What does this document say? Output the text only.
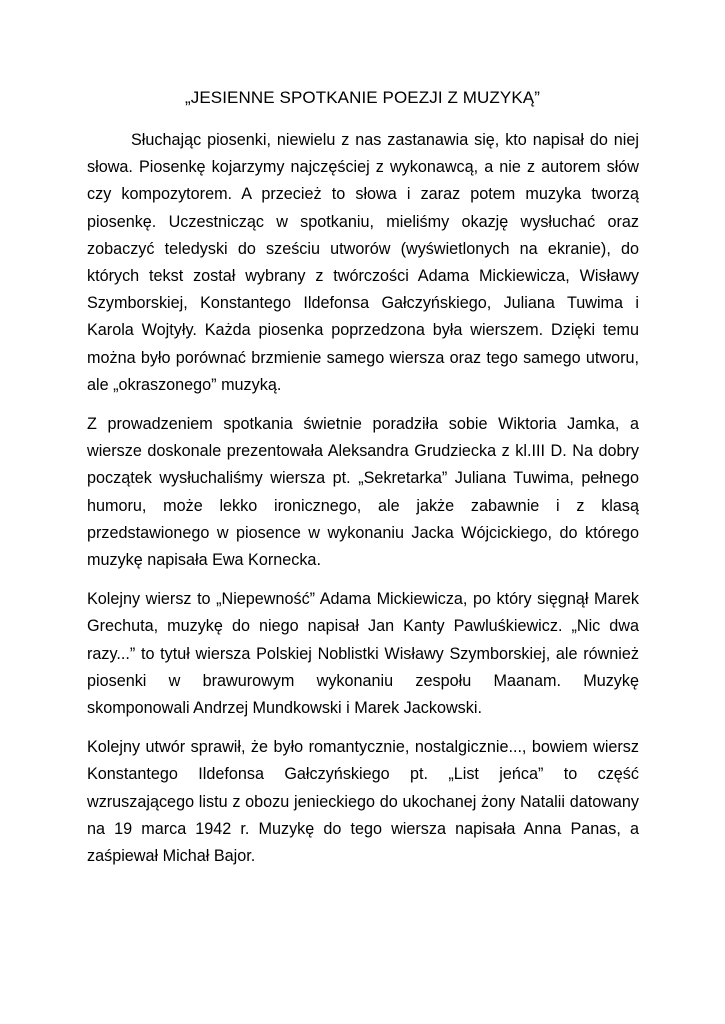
„JESIENNE SPOTKANIE POEZJI Z MUZYKĄ”

Słuchając piosenki, niewielu z nas zastanawia się, kto napisał do niej słowa. Piosenkę kojarzymy najczęściej z wykonawcą, a nie z autorem słów czy kompozytorem. A przecież to słowa i zaraz potem muzyka tworzą piosenkę. Uczestnicząc w spotkaniu, mieliśmy okazję wysłuchać oraz zobaczyć teledyski do sześciu utworów (wyświetlonych na ekranie), do których tekst został wybrany z twórczości Adama Mickiewicza, Wisławy Szymborskiej, Konstantego Ildefonsa Gałczyńskiego, Juliana Tuwima i Karola Wojtyły. Każda piosenka poprzedzona była wierszem. Dzięki temu można było porównać brzmienie samego wiersza oraz tego samego utworu, ale „okraszonego” muzyką.

Z prowadzeniem spotkania świetnie poradziła sobie Wiktoria Jamka, a wiersze doskonale prezentowała Aleksandra Grudziecka z kl.III D. Na dobry początek wysłuchaliśmy wiersza pt. „Sekretarka” Juliana Tuwima, pełnego humoru, może lekko ironicznego, ale jakże zabawnie i z klasą przedstawionego w piosence w wykonaniu Jacka Wójcickiego, do którego muzykę napisała Ewa Kornecka.

Kolejny wiersz to „Niepewność” Adama Mickiewicza, po który sięgnął Marek Grechuta, muzykę do niego napisał Jan Kanty Pawluśkiewicz. „Nic dwa razy...” to tytuł wiersza Polskiej Noblistki Wisławy Szymborskiej, ale również piosenki w brawurowym wykonaniu zespołu Maanam. Muzykę skomponowali Andrzej Mundkowski i Marek Jackowski.

Kolejny utwór sprawił, że było romantycznie, nostalgicznie..., bowiem wiersz Konstantego Ildefonsa Gałczyńskiego pt. „List jeńca” to część wzruszającego listu z obozu jenieckiego do ukochanej żony Natalii datowany na 19 marca 1942 r. Muzykę do tego wiersza napisała Anna Panas, a zaśpiewał Michał Bajor.
